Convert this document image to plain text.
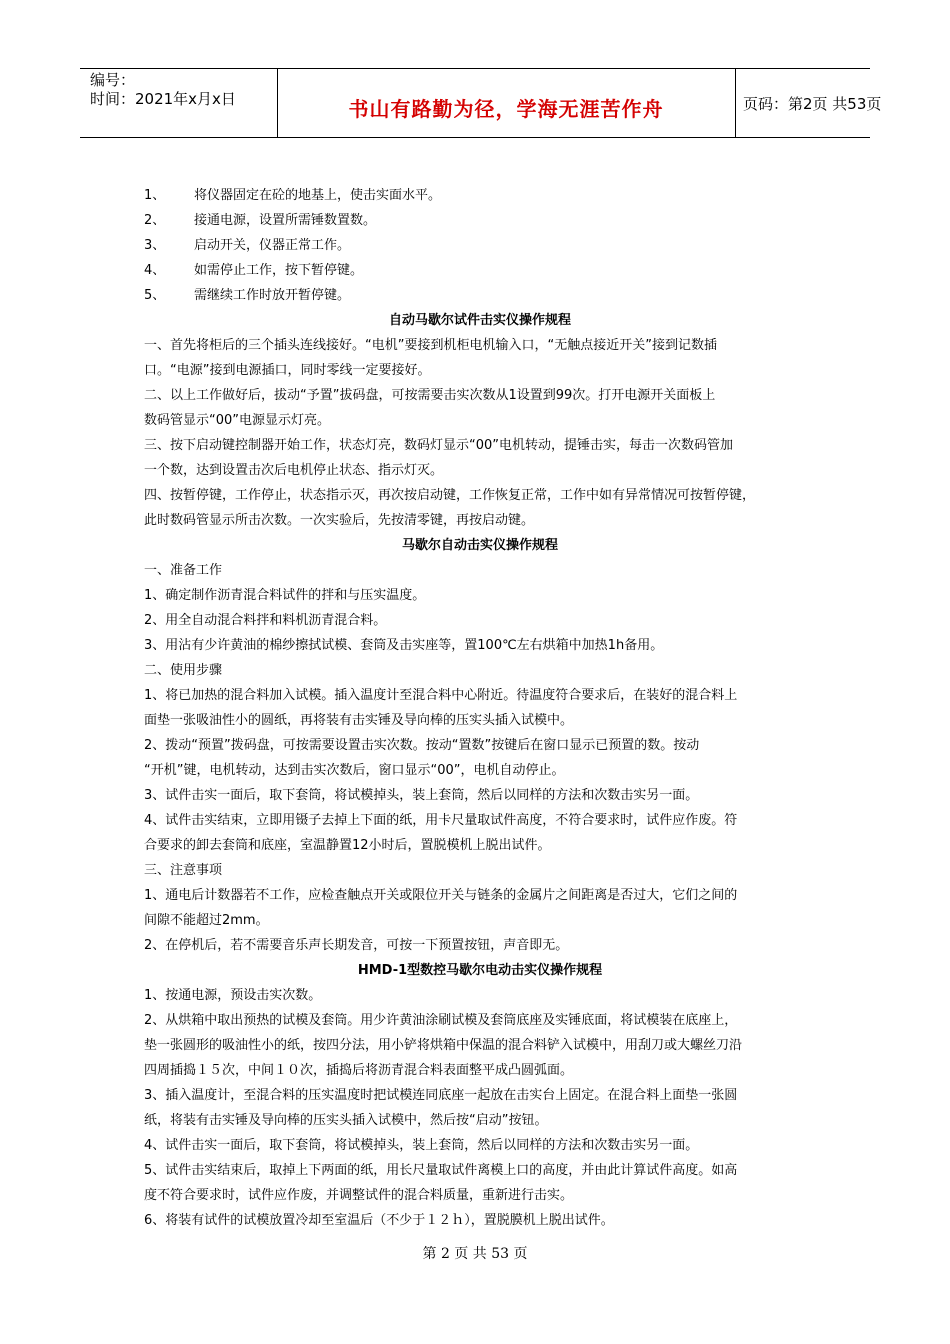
编号：
时间：2021年x月x日	书山有路勤为径，学海无涯苦作舟	页码：第2页 共53页
1、 将仪器固定在砼的地基上，使击实面水平。
2、 接通电源，设置所需锤数置数。
3、 启动开关，仪器正常工作。
4、 如需停止工作，按下暂停键。
5、 需继续工作时放开暂停键。
自动马歇尔试件击实仪操作规程
一、首先将柜后的三个插头连线接好。“电机”要接到机柜电机输入口，“无触点接近开关”接到记数插
口。“电源”接到电源插口，同时零线一定要接好。
二、以上工作做好后，拔动“予置”拔码盘，可按需要击实次数从1设置到99次。打开电源开关面板上
数码管显示“00”电源显示灯亮。
三、按下启动键控制器开始工作，状态灯亮，数码灯显示“00”电机转动，提锤击实，每击一次数码管加
一个数，达到设置击次后电机停止状态、指示灯灭。
四、按暂停键，工作停止，状态指示灭，再次按启动键，工作恢复正常，工作中如有异常情况可按暂停键，
此时数码管显示所击次数。一次实验后，先按清零键，再按启动键。
马歇尔自动击实仪操作规程
一、准备工作
1、确定制作沥青混合料试件的拌和与压实温度。
2、用全自动混合料拌和料机沥青混合料。
3、用沾有少许黄油的棉纱擦拭试模、套筒及击实座等，置100℃左右烘箱中加热1h备用。
二、使用步骤
1、将已加热的混合料加入试模。插入温度计至混合料中心附近。待温度符合要求后，在装好的混合料上
面垫一张吸油性小的圆纸，再将装有击实锤及导向棒的压实头插入试模中。
2、拨动“预置”拨码盘，可按需要设置击实次数。按动“置数”按键后在窗口显示已预置的数。按动
“开机”键，电机转动，达到击实次数后，窗口显示“00”，电机自动停止。
3、试件击实一面后，取下套筒，将试模掉头，装上套筒，然后以同样的方法和次数击实另一面。
4、试件击实结束，立即用镊子去掉上下面的纸，用卡尺量取试件高度，不符合要求时，试件应作废。符
合要求的卸去套筒和底座，室温静置12小时后，置脱模机上脱出试件。
三、注意事项
1、通电后计数器若不工作，应检查触点开关或限位开关与链条的金属片之间距离是否过大，它们之间的
间隙不能超过2mm。
2、在停机后，若不需要音乐声长期发音，可按一下预置按钮，声音即无。
HMD-1型数控马歇尔电动击实仪操作规程
1、按通电源，预设击实次数。
2、从烘箱中取出预热的试模及套筒。用少许黄油涂刷试模及套筒底座及实锤底面，将试模装在底座上，
垫一张圆形的吸油性小的纸，按四分法，用小铲将烘箱中保温的混合料铲入试模中，用刮刀或大螺丝刀沿
四周插捣１５次，中间１０次，插捣后将沥青混合料表面整平成凸圆弧面。
3、插入温度计，至混合料的压实温度时把试模连同底座一起放在击实台上固定。在混合料上面垫一张圆
纸，将装有击实锤及导向棒的压实头插入试模中，然后按“启动”按钮。
4、试件击实一面后，取下套筒，将试模掉头，装上套筒，然后以同样的方法和次数击实另一面。
5、试件击实结束后，取掉上下两面的纸，用长尺量取试件离模上口的高度，并由此计算试件高度。如高
度不符合要求时，试件应作废，并调整试件的混合料质量，重新进行击实。
6、将装有试件的试模放置冷却至室温后（不少于１２ｈ），置脱膜机上脱出试件。
第 2 页 共 53 页
